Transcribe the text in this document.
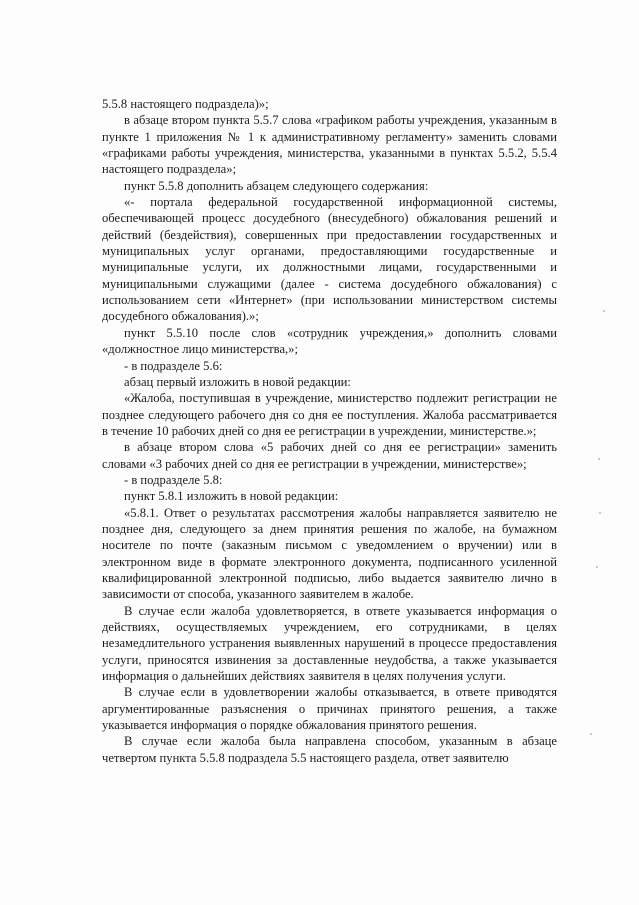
5.5.8 настоящего подраздела)»;

в абзаце втором пункта 5.5.7 слова «графиком работы учреждения, указанным в пункте 1 приложения № 1 к административному регламенту» заменить словами «графиками работы учреждения, министерства, указанными в пунктах 5.5.2, 5.5.4 настоящего подраздела»;

пункт 5.5.8 дополнить абзацем следующего содержания:

«- портала федеральной государственной информационной системы, обеспечивающей процесс досудебного (внесудебного) обжалования решений и действий (бездействия), совершенных при предоставлении государственных и муниципальных услуг органами, предоставляющими государственные и муниципальные услуги, их должностными лицами, государственными и муниципальными служащими (далее - система досудебного обжалования) с использованием сети «Интернет» (при использовании министерством системы досудебного обжалования).»;

пункт 5.5.10 после слов «сотрудник учреждения,» дополнить словами «должностное лицо министерства,»;

- в подразделе 5.6:

абзац первый изложить в новой редакции:

«Жалоба, поступившая в учреждение, министерство подлежит регистрации не позднее следующего рабочего дня со дня ее поступления. Жалоба рассматривается в течение 10 рабочих дней со дня ее регистрации в учреждении, министерстве.»;

в абзаце втором слова «5 рабочих дней со дня ее регистрации» заменить словами «3 рабочих дней со дня ее регистрации в учреждении, министерстве»;

- в подразделе 5.8:

пункт 5.8.1 изложить в новой редакции:

«5.8.1. Ответ о результатах рассмотрения жалобы направляется заявителю не позднее дня, следующего за днем принятия решения по жалобе, на бумажном носителе по почте (заказным письмом с уведомлением о вручении) или в электронном виде в формате электронного документа, подписанного усиленной квалифицированной электронной подписью, либо выдается заявителю лично в зависимости от способа, указанного заявителем в жалобе.

В случае если жалоба удовлетворяется, в ответе указывается информация о действиях, осуществляемых учреждением, его сотрудниками, в целях незамедлительного устранения выявленных нарушений в процессе предоставления услуги, приносятся извинения за доставленные неудобства, а также указывается информация о дальнейших действиях заявителя в целях получения услуги.

В случае если в удовлетворении жалобы отказывается, в ответе приводятся аргументированные разъяснения о причинах принятого решения, а также указывается информация о порядке обжалования принятого решения.

В случае если жалоба была направлена способом, указанным в абзаце четвертом пункта 5.5.8 подраздела 5.5 настоящего раздела, ответ заявителю
